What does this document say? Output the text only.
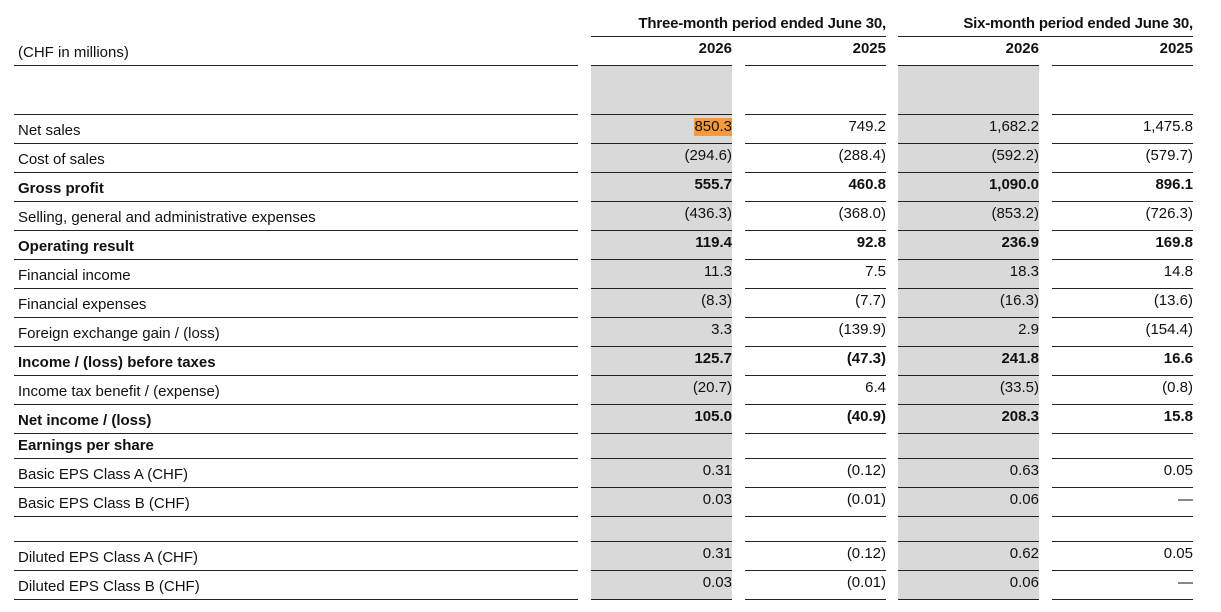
Three-month period ended June 30,	Six-month period ended June 30,
2026	2025	2026	2025
(CHF in millions)
Net sales	850.3	749.2	1,682.2	1,475.8
Cost of sales	(294.6)	(288.4)	(592.2)	(579.7)
Gross profit	555.7	460.8	1,090.0	896.1
Selling, general and administrative expenses	(436.3)	(368.0)	(853.2)	(726.3)
Operating result	119.4	92.8	236.9	169.8
Financial income	11.3	7.5	18.3	14.8
Financial expenses	(8.3)	(7.7)	(16.3)	(13.6)
Foreign exchange gain / (loss)	3.3	(139.9)	2.9	(154.4)
Income / (loss) before taxes	125.7	(47.3)	241.8	16.6
Income tax benefit / (expense)	(20.7)	6.4	(33.5)	(0.8)
Net income / (loss)	105.0	(40.9)	208.3	15.8
Earnings per share
Basic EPS Class A (CHF)	0.31	(0.12)	0.63	0.05
Basic EPS Class B (CHF)	0.03	(0.01)	0.06	—
Diluted EPS Class A (CHF)	0.31	(0.12)	0.62	0.05
Diluted EPS Class B (CHF)	0.03	(0.01)	0.06	—
